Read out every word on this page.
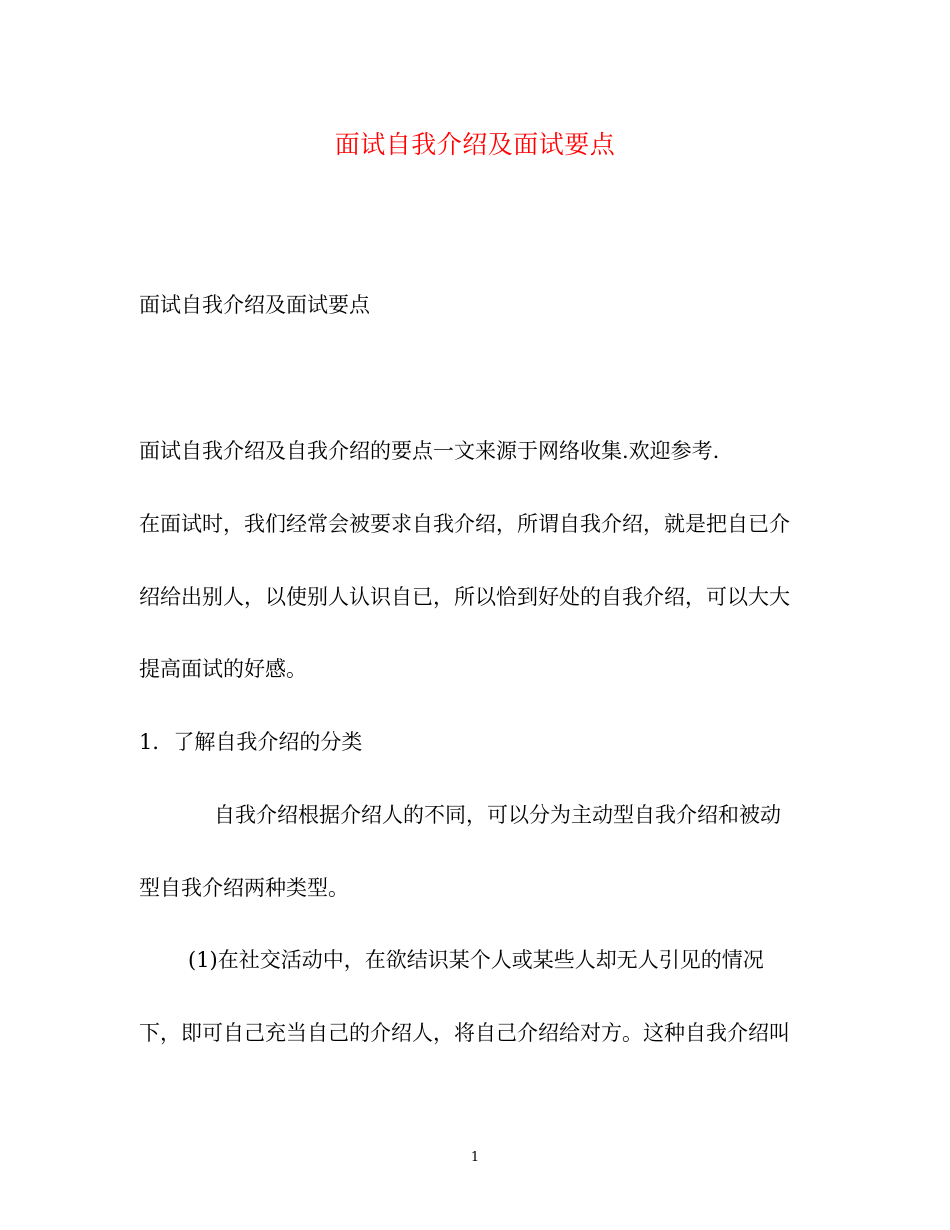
面试自我介绍及面试要点
面试自我介绍及面试要点
面试自我介绍及自我介绍的要点一文来源于网络收集.欢迎参考.
在面试时，我们经常会被要求自我介绍，所谓自我介绍，就是把自已介
绍给出别人，以使别人认识自已，所以恰到好处的自我介绍，可以大大
提高面试的好感。
1．了解自我介绍的分类
自我介绍根据介绍人的不同，可以分为主动型自我介绍和被动
型自我介绍两种类型。
(1)在社交活动中，在欲结识某个人或某些人却无人引见的情况
下，即可自己充当自己的介绍人，将自己介绍给对方。这种自我介绍叫
1
